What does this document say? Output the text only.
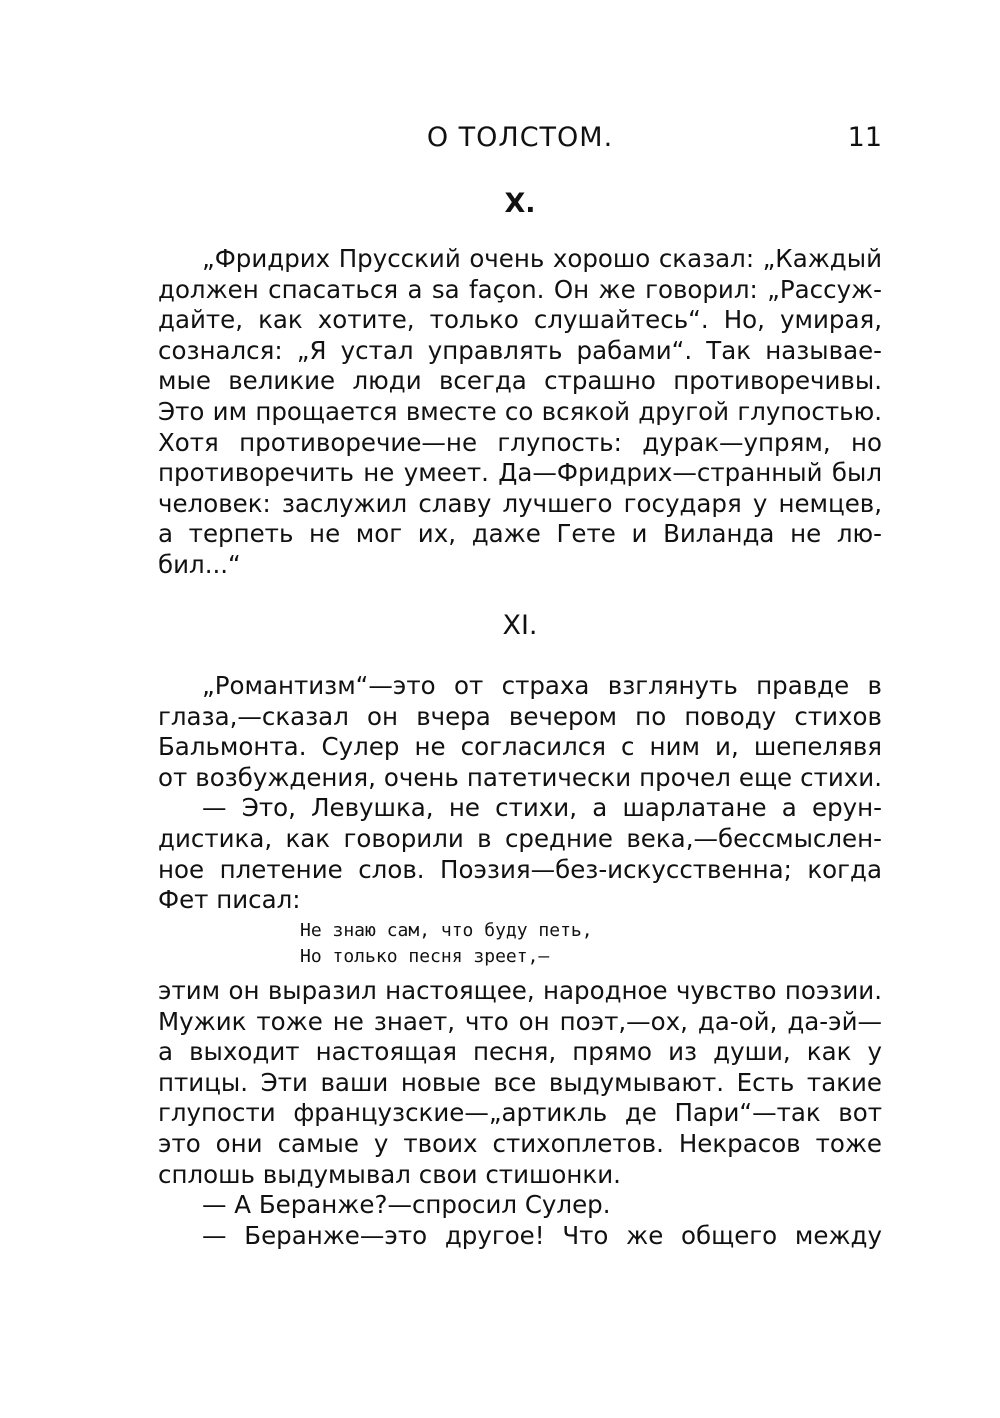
О ТОЛСТОМ.	11
X.
„Фридрих Прусский очень хорошо сказал: „Каждый
должен спасаться a sa façon. Он же говорил: „Рассуж-
дайте, как хотите, только слушайтесь“. Но, умирая,
сознался: „Я устал управлять рабами“. Так называе-
мые великие люди всегда страшно противоречивы.
Это им прощается вместе со всякой другой глупостью.
Хотя противоречие—не глупость: дурак—упрям, но
противоречить не умеет. Да—Фридрих—странный был
человек: заслужил славу лучшего государя у немцев,
а терпеть не мог их, даже Гете и Виланда не лю-
бил...“
XI.
„Романтизм“—это от страха взглянуть правде в
глаза,—сказал он вчера вечером по поводу стихов
Бальмонта. Сулер не согласился с ним и, шепелявя
от возбуждения, очень патетически прочел еще стихи.
— Это, Левушка, не стихи, а шарлатане а ерун-
дистика, как говорили в средние века,—бессмыслен-
ное плетение слов. Поэзия—без-искусственна; когда
Фет писал:
Не знаю сам, что буду петь,
Но только песня зреет,—
этим он выразил настоящее, народное чувство поэзии.
Мужик тоже не знает, что он поэт,—ох, да-ой, да-эй—
а выходит настоящая песня, прямо из души, как у
птицы. Эти ваши новые все выдумывают. Есть такие
глупости французские—„артикль де Пари“—так вот
это они самые у твоих стихоплетов. Некрасов тоже
сплошь выдумывал свои стишонки.
— А Беранже?—спросил Сулер.
— Беранже—это другое! Что же общего между
